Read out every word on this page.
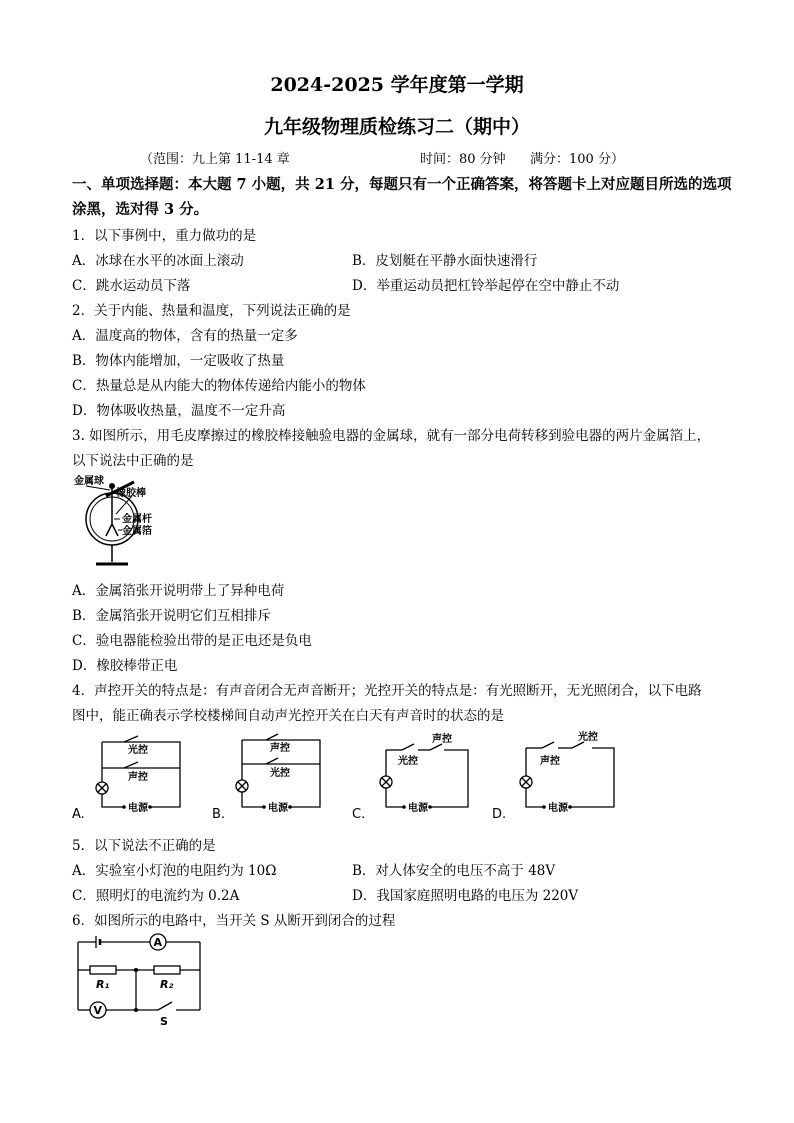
2024-2025 学年度第一学期
九年级物理质检练习二（期中）
（范围：九上第 11-14 章	时间：80 分钟 满分：100 分）
一、单项选择题：本大题 7 小题，共 21 分，每题只有一个正确答案，将答题卡上对应题目所选的选项涂黑，选对得 3 分。
1．以下事例中，重力做功的是
A．冰球在水平的冰面上滚动	B．皮划艇在平静水面快速滑行
C．跳水运动员下落	D．举重运动员把杠铃举起停在空中静止不动
2．关于内能、热量和温度，下列说法正确的是
A．温度高的物体，含有的热量一定多
B．物体内能增加，一定吸收了热量
C．热量总是从内能大的物体传递给内能小的物体
D．物体吸收热量，温度不一定升高
3. 如图所示，用毛皮摩擦过的橡胶棒接触验电器的金属球，就有一部分电荷转移到验电器的两片金属箔上，
以下说法中正确的是
金属球
橡胶棒
金属杆
金属箔
A．金属箔张开说明带上了异种电荷
B．金属箔张开说明它们互相排斥
C．验电器能检验出带的是正电还是负电
D．橡胶棒带正电
4．声控开关的特点是：有声音闭合无声音断开；光控开关的特点是：有光照断开，无光照闭合，以下电路
图中，能正确表示学校楼梯间自动声光控开关在白天有声音时的状态的是
A.
光控
声控
电源	B.
声控
光控
电源	C.
光控
声控
电源	D.
声控
光控
电源
5．以下说法不正确的是
A．实验室小灯泡的电阻约为 10Ω	B．对人体安全的电压不高于 48V
C．照明灯的电流约为 0.2A	D．我国家庭照明电路的电压为 220V
6．如图所示的电路中，当开关 S 从断开到闭合的过程
A
V
R₁	R₂
S
